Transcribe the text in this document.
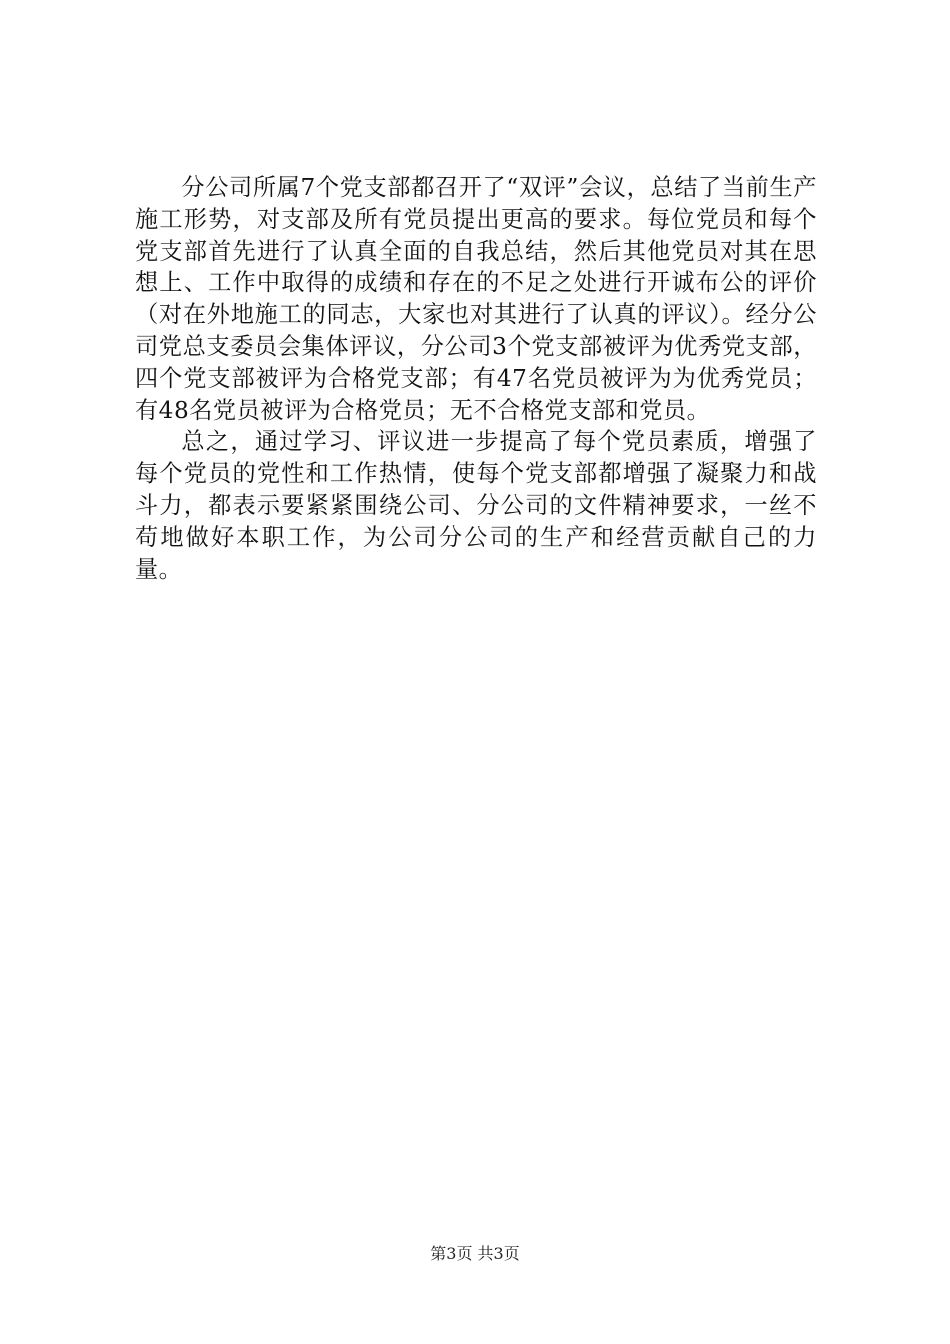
分公司所属7个党支部都召开了“双评”会议，总结了当前生产施工形势，对支部及所有党员提出更高的要求。每位党员和每个党支部首先进行了认真全面的自我总结，然后其他党员对其在思想上、工作中取得的成绩和存在的不足之处进行开诚布公的评价（对在外地施工的同志，大家也对其进行了认真的评议）。经分公司党总支委员会集体评议，分公司3个党支部被评为优秀党支部，四个党支部被评为合格党支部；有47名党员被评为为优秀党员；有48名党员被评为合格党员；无不合格党支部和党员。

总之，通过学习、评议进一步提高了每个党员素质，增强了每个党员的党性和工作热情，使每个党支部都增强了凝聚力和战斗力，都表示要紧紧围绕公司、分公司的文件精神要求，一丝不苟地做好本职工作，为公司分公司的生产和经营贡献自己的力量。

第3页 共3页
